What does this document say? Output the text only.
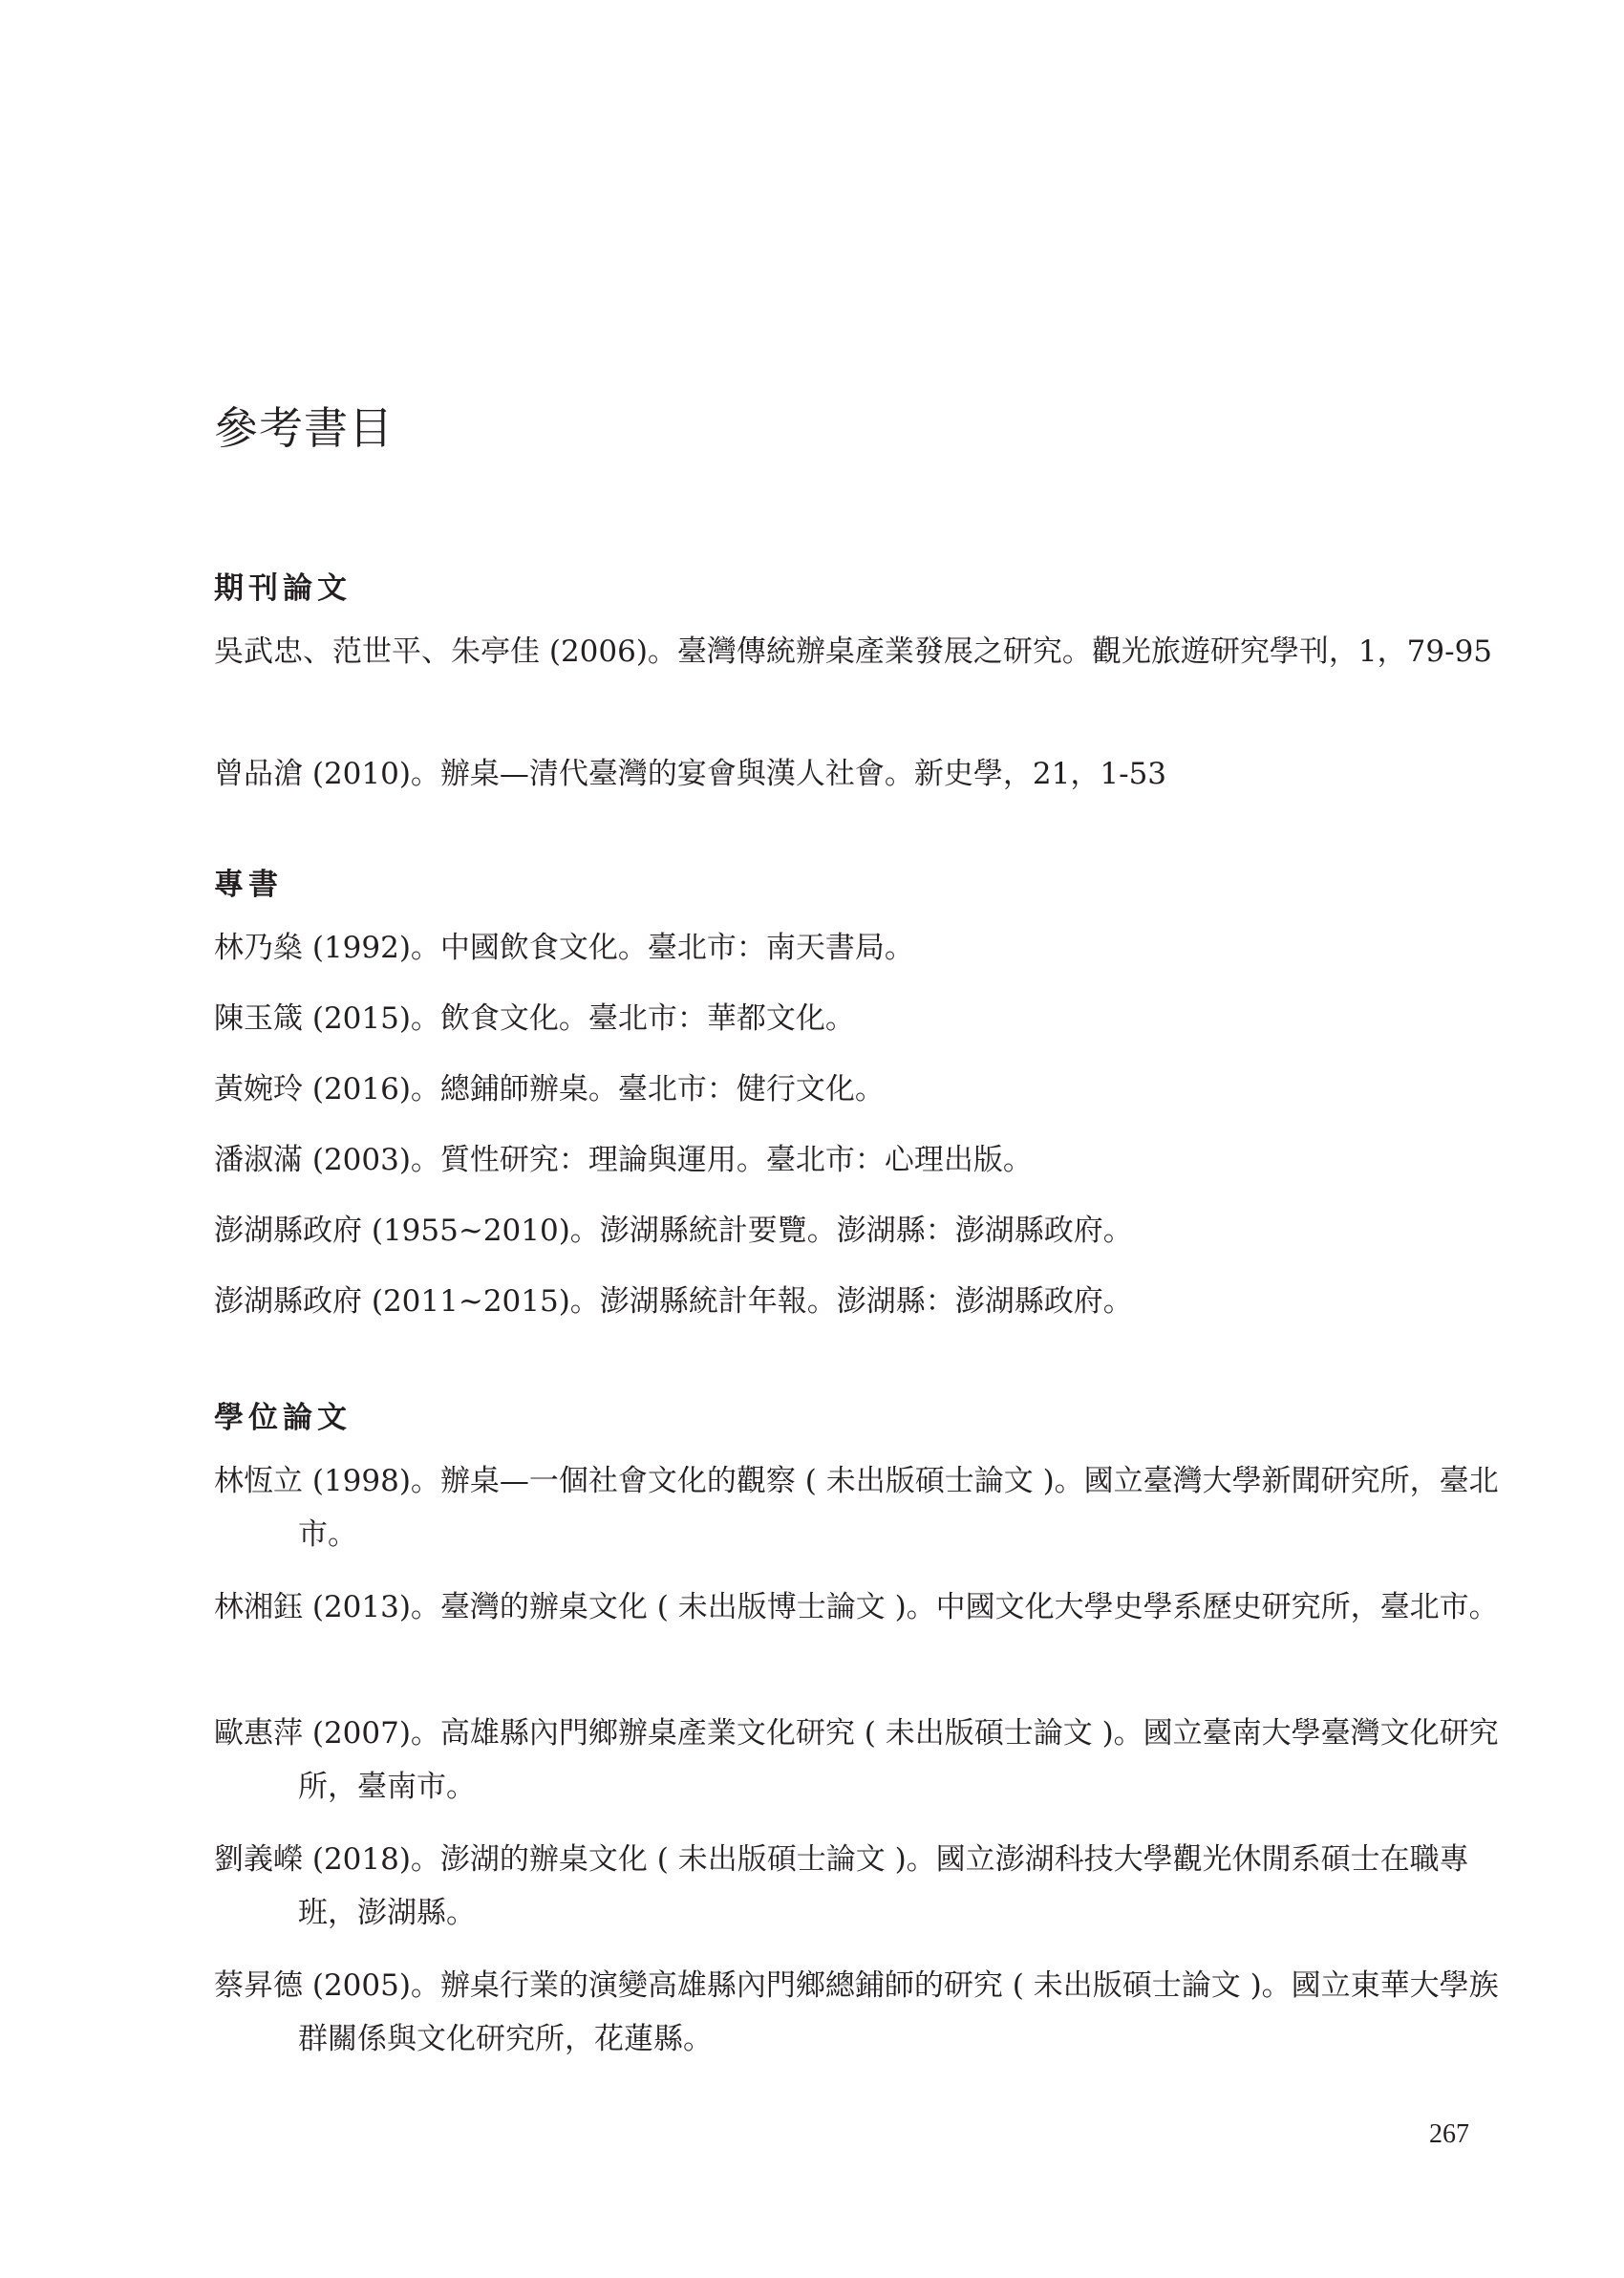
參考書目
期刊論文

吳武忠、范世平、朱亭佳 (2006)。臺灣傳統辦桌產業發展之研究。觀光旅遊研究學刊，1，79-95

曾品滄 (2010)。辦桌—清代臺灣的宴會與漢人社會。新史學，21，1-53

專書

林乃燊 (1992)。中國飲食文化。臺北市：南天書局。

陳玉箴 (2015)。飲食文化。臺北市：華都文化。

黃婉玲 (2016)。總鋪師辦桌。臺北市：健行文化。

潘淑滿 (2003)。質性研究：理論與運用。臺北市：心理出版。

澎湖縣政府 (1955~2010)。澎湖縣統計要覽。澎湖縣：澎湖縣政府。

澎湖縣政府 (2011~2015)。澎湖縣統計年報。澎湖縣：澎湖縣政府。

學位論文

林恆立 (1998)。辦桌—一個社會文化的觀察 ( 未出版碩士論文 )。國立臺灣大學新聞研究所，臺北市。

林湘鈺 (2013)。臺灣的辦桌文化 ( 未出版博士論文 )。中國文化大學史學系歷史研究所，臺北市。

歐惠萍 (2007)。高雄縣內門鄉辦桌產業文化研究 ( 未出版碩士論文 )。國立臺南大學臺灣文化研究所，臺南市。

劉義嶸 (2018)。澎湖的辦桌文化 ( 未出版碩士論文 )。國立澎湖科技大學觀光休閒系碩士在職專班，澎湖縣。

蔡昇德 (2005)。辦桌行業的演變高雄縣內門鄉總鋪師的研究 ( 未出版碩士論文 )。國立東華大學族群關係與文化研究所，花蓮縣。

267
